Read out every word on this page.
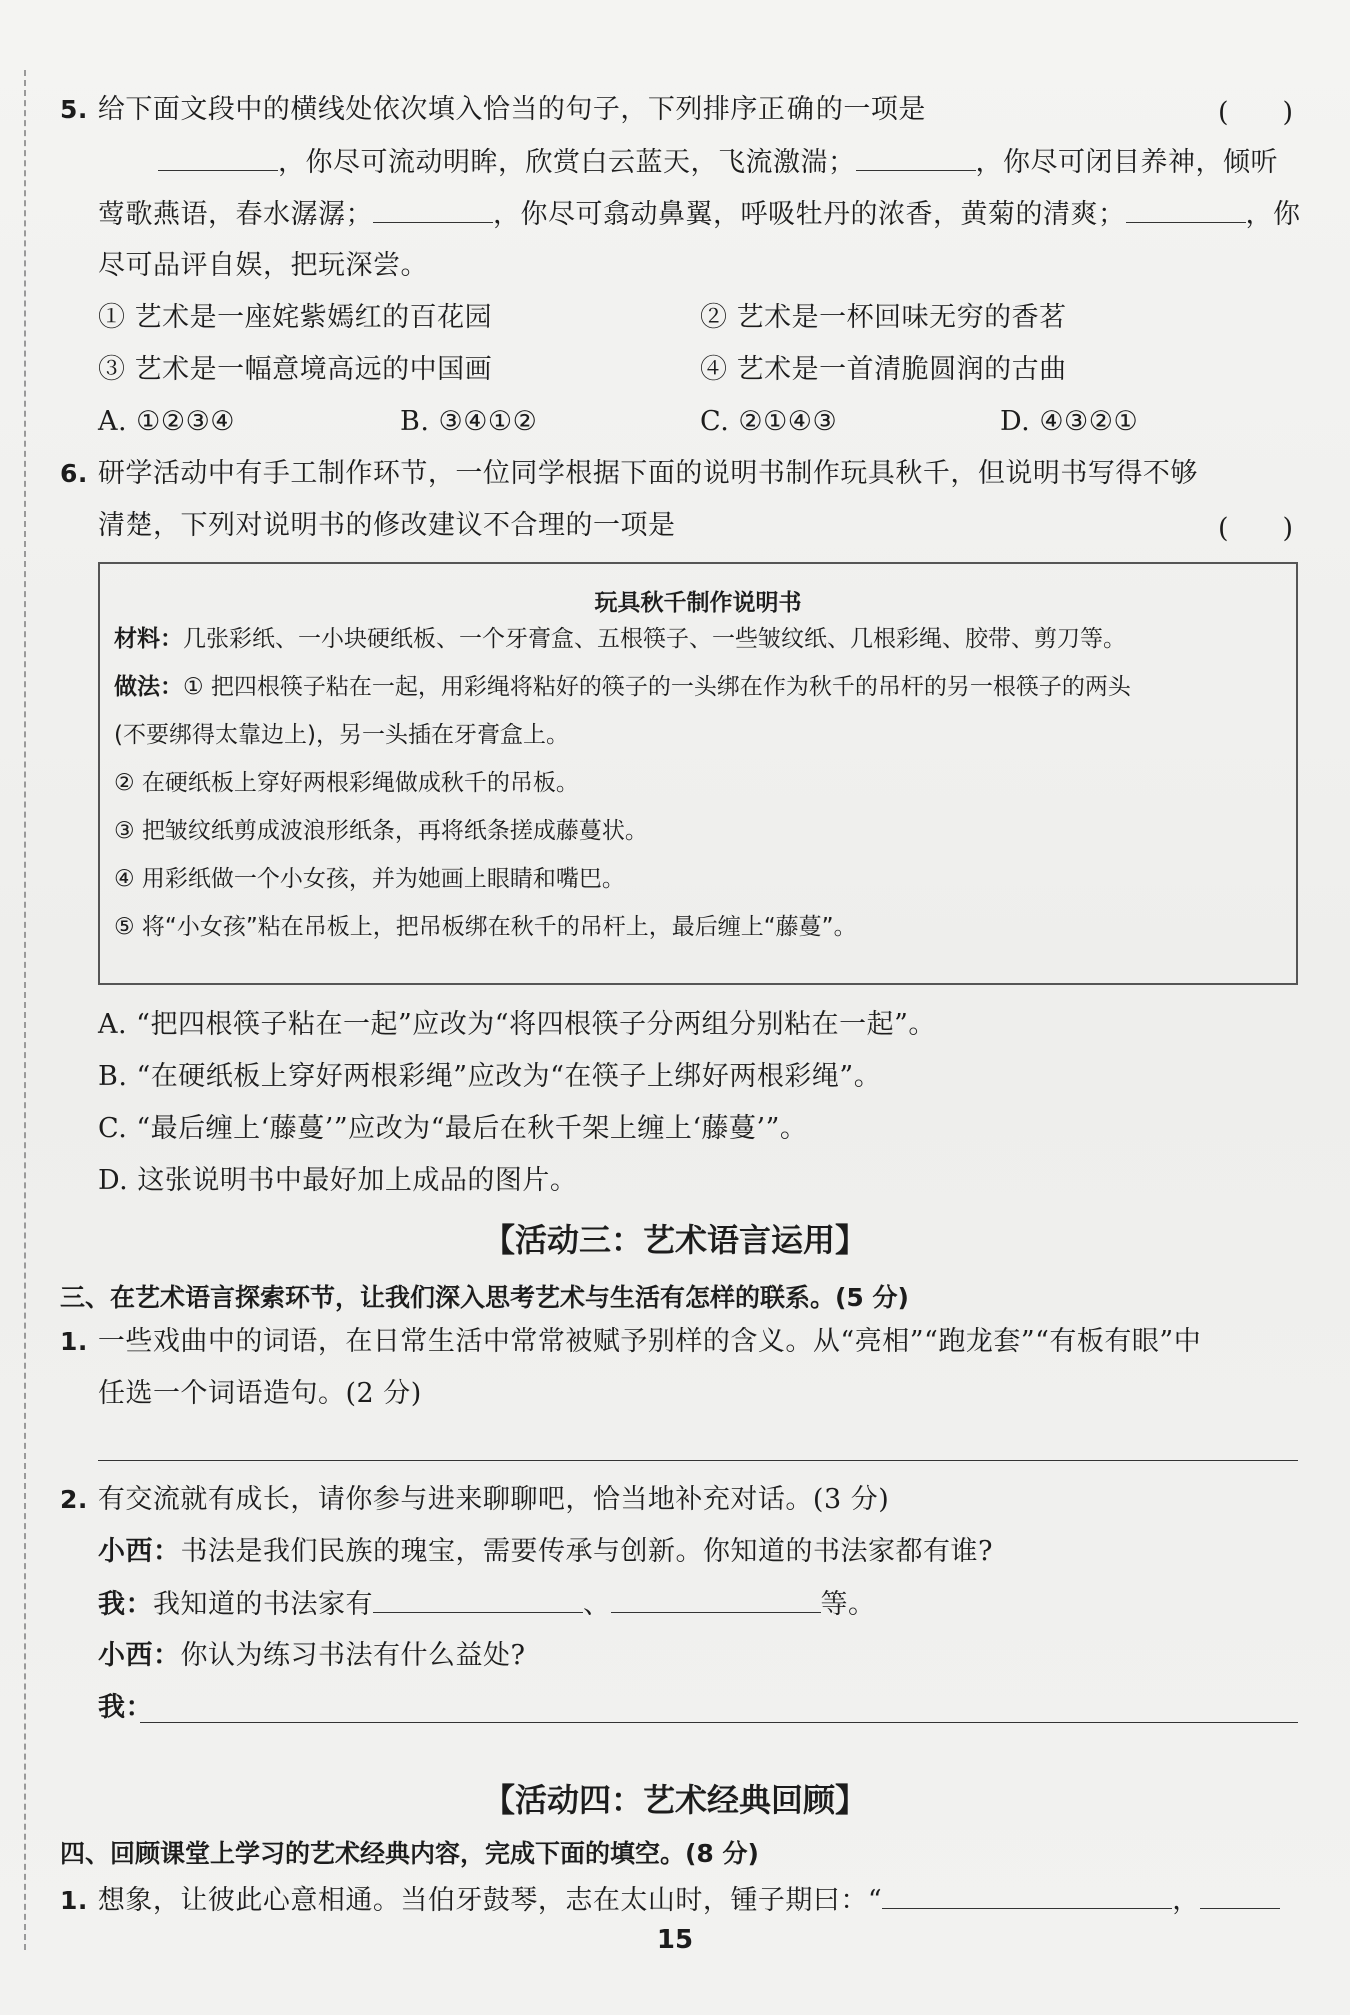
5. 给下面文段中的横线处依次填入恰当的句子，下列排序正确的一项是	(　　)
，你尽可流动明眸，欣赏白云蓝天，飞流激湍；	，你尽可闭目养神，倾听
莺歌燕语，春水潺潺；	，你尽可翕动鼻翼，呼吸牡丹的浓香，黄菊的清爽；	，你
尽可品评自娱，把玩深尝。
① 艺术是一座姹紫嫣红的百花园	② 艺术是一杯回味无穷的香茗
③ 艺术是一幅意境高远的中国画	④ 艺术是一首清脆圆润的古曲
A. ①②③④	B. ③④①②	C. ②①④③	D. ④③②①
6. 研学活动中有手工制作环节，一位同学根据下面的说明书制作玩具秋千，但说明书写得不够
清楚，下列对说明书的修改建议不合理的一项是	(　　)
玩具秋千制作说明书
材料：几张彩纸、一小块硬纸板、一个牙膏盒、五根筷子、一些皱纹纸、几根彩绳、胶带、剪刀等。
做法：① 把四根筷子粘在一起，用彩绳将粘好的筷子的一头绑在作为秋千的吊杆的另一根筷子的两头
(不要绑得太靠边上)，另一头插在牙膏盒上。
② 在硬纸板上穿好两根彩绳做成秋千的吊板。
③ 把皱纹纸剪成波浪形纸条，再将纸条搓成藤蔓状。
④ 用彩纸做一个小女孩，并为她画上眼睛和嘴巴。
⑤ 将“小女孩”粘在吊板上，把吊板绑在秋千的吊杆上，最后缠上“藤蔓”。
A. “把四根筷子粘在一起”应改为“将四根筷子分两组分别粘在一起”。
B. “在硬纸板上穿好两根彩绳”应改为“在筷子上绑好两根彩绳”。
C. “最后缠上‘藤蔓’”应改为“最后在秋千架上缠上‘藤蔓’”。
D. 这张说明书中最好加上成品的图片。
【活动三：艺术语言运用】
三、在艺术语言探索环节，让我们深入思考艺术与生活有怎样的联系。(5 分)
1. 一些戏曲中的词语，在日常生活中常常被赋予别样的含义。从“亮相”“跑龙套”“有板有眼”中
任选一个词语造句。(2 分)
2. 有交流就有成长，请你参与进来聊聊吧，恰当地补充对话。(3 分)
小西：书法是我们民族的瑰宝，需要传承与创新。你知道的书法家都有谁?
我：我知道的书法家有	、	等。
小西：你认为练习书法有什么益处?
我：
【活动四：艺术经典回顾】
四、回顾课堂上学习的艺术经典内容，完成下面的填空。(8 分)
1. 想象，让彼此心意相通。当伯牙鼓琴，志在太山时，锺子期曰：“	，
15
